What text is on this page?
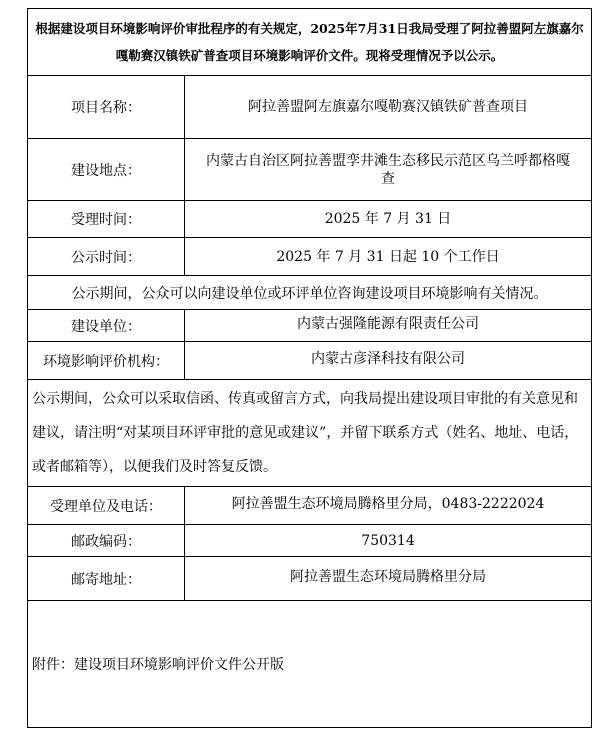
根据建设项目环境影响评价审批程序的有关规定，2025年7月31日我局受理了阿拉善盟阿左旗嘉尔嘎勒赛汉镇铁矿普查项目环境影响评价文件。现将受理情况予以公示。	
项目名称：	阿拉善盟阿左旗嘉尔嘎勒赛汉镇铁矿普查项目
建设地点：	内蒙古自治区阿拉善盟孪井滩生态移民示范区乌兰呼都格嘎查
受理时间：	2025 年 7 月 31 日
公示时间：	2025 年 7 月 31 日起 10 个工作日
公示期间，公众可以向建设单位或环评单位咨询建设项目环境影响有关情况。	
建设单位：	内蒙古强隆能源有限责任公司
环境影响评价机构：	内蒙古彦泽科技有限公司
公示期间，公众可以采取信函、传真或留言方式，向我局提出建设项目审批的有关意见和建议，请注明“对某项目环评审批的意见或建议”，并留下联系方式（姓名、地址、电话，或者邮箱等），以便我们及时答复反馈。	
受理单位及电话：	阿拉善盟生态环境局腾格里分局，0483-2222024
邮政编码：	750314
邮寄地址：	阿拉善盟生态环境局腾格里分局
附件：建设项目环境影响评价文件公开版	
